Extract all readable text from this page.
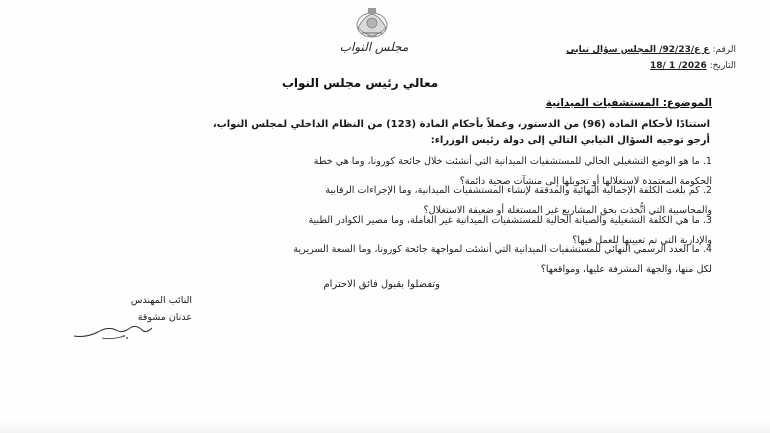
مجلس النواب	الرقم: ع ع/92/23/ المجلس سؤال نيابي
التاريخ: 2026/ 1 /18
معالي رئيس مجلس النواب
الموضوع: المستشفيات الميدانية
استنادًا لأحكام المادة (96) من الدستور، وعملاً بأحكام المادة (123) من النظام الداخلي لمجلس النواب،
أرجو توجيه السؤال النيابي التالي إلى دولة رئيس الوزراء:
1. ما هو الوضع التشغيلي الحالي للمستشفيات الميدانية التي أنشئت خلال جائحة كورونا، وما هي خطة
الحكومة المعتمدة لاستغلالها أو تحويلها إلى منشآت صحية دائمة؟
2. كم بلغت الكلفة الإجمالية النهائية والمدققة لإنشاء المستشفيات الميدانية، وما الإجراءات الرقابية
والمحاسبية التي اتُّخذت بحق المشاريع غير المستغلة أو ضعيفة الاستغلال؟
3. ما هي الكلفة التشغيلية والصيانة الحالية للمستشفيات الميدانية غير العاملة، وما مصير الكوادر الطبية
والإدارية التي تم تعيينها للعمل فيها؟
4. ما العدد الرسمي النهائي للمستشفيات الميدانية التي أنشئت لمواجهة جائحة كورونا، وما السعة السريرية
لكل منها، والجهة المشرفة عليها، ومواقعها؟
وتفضلوا بقبول فائق الاحترام
النائب المهندس
عدنان مشوقة
